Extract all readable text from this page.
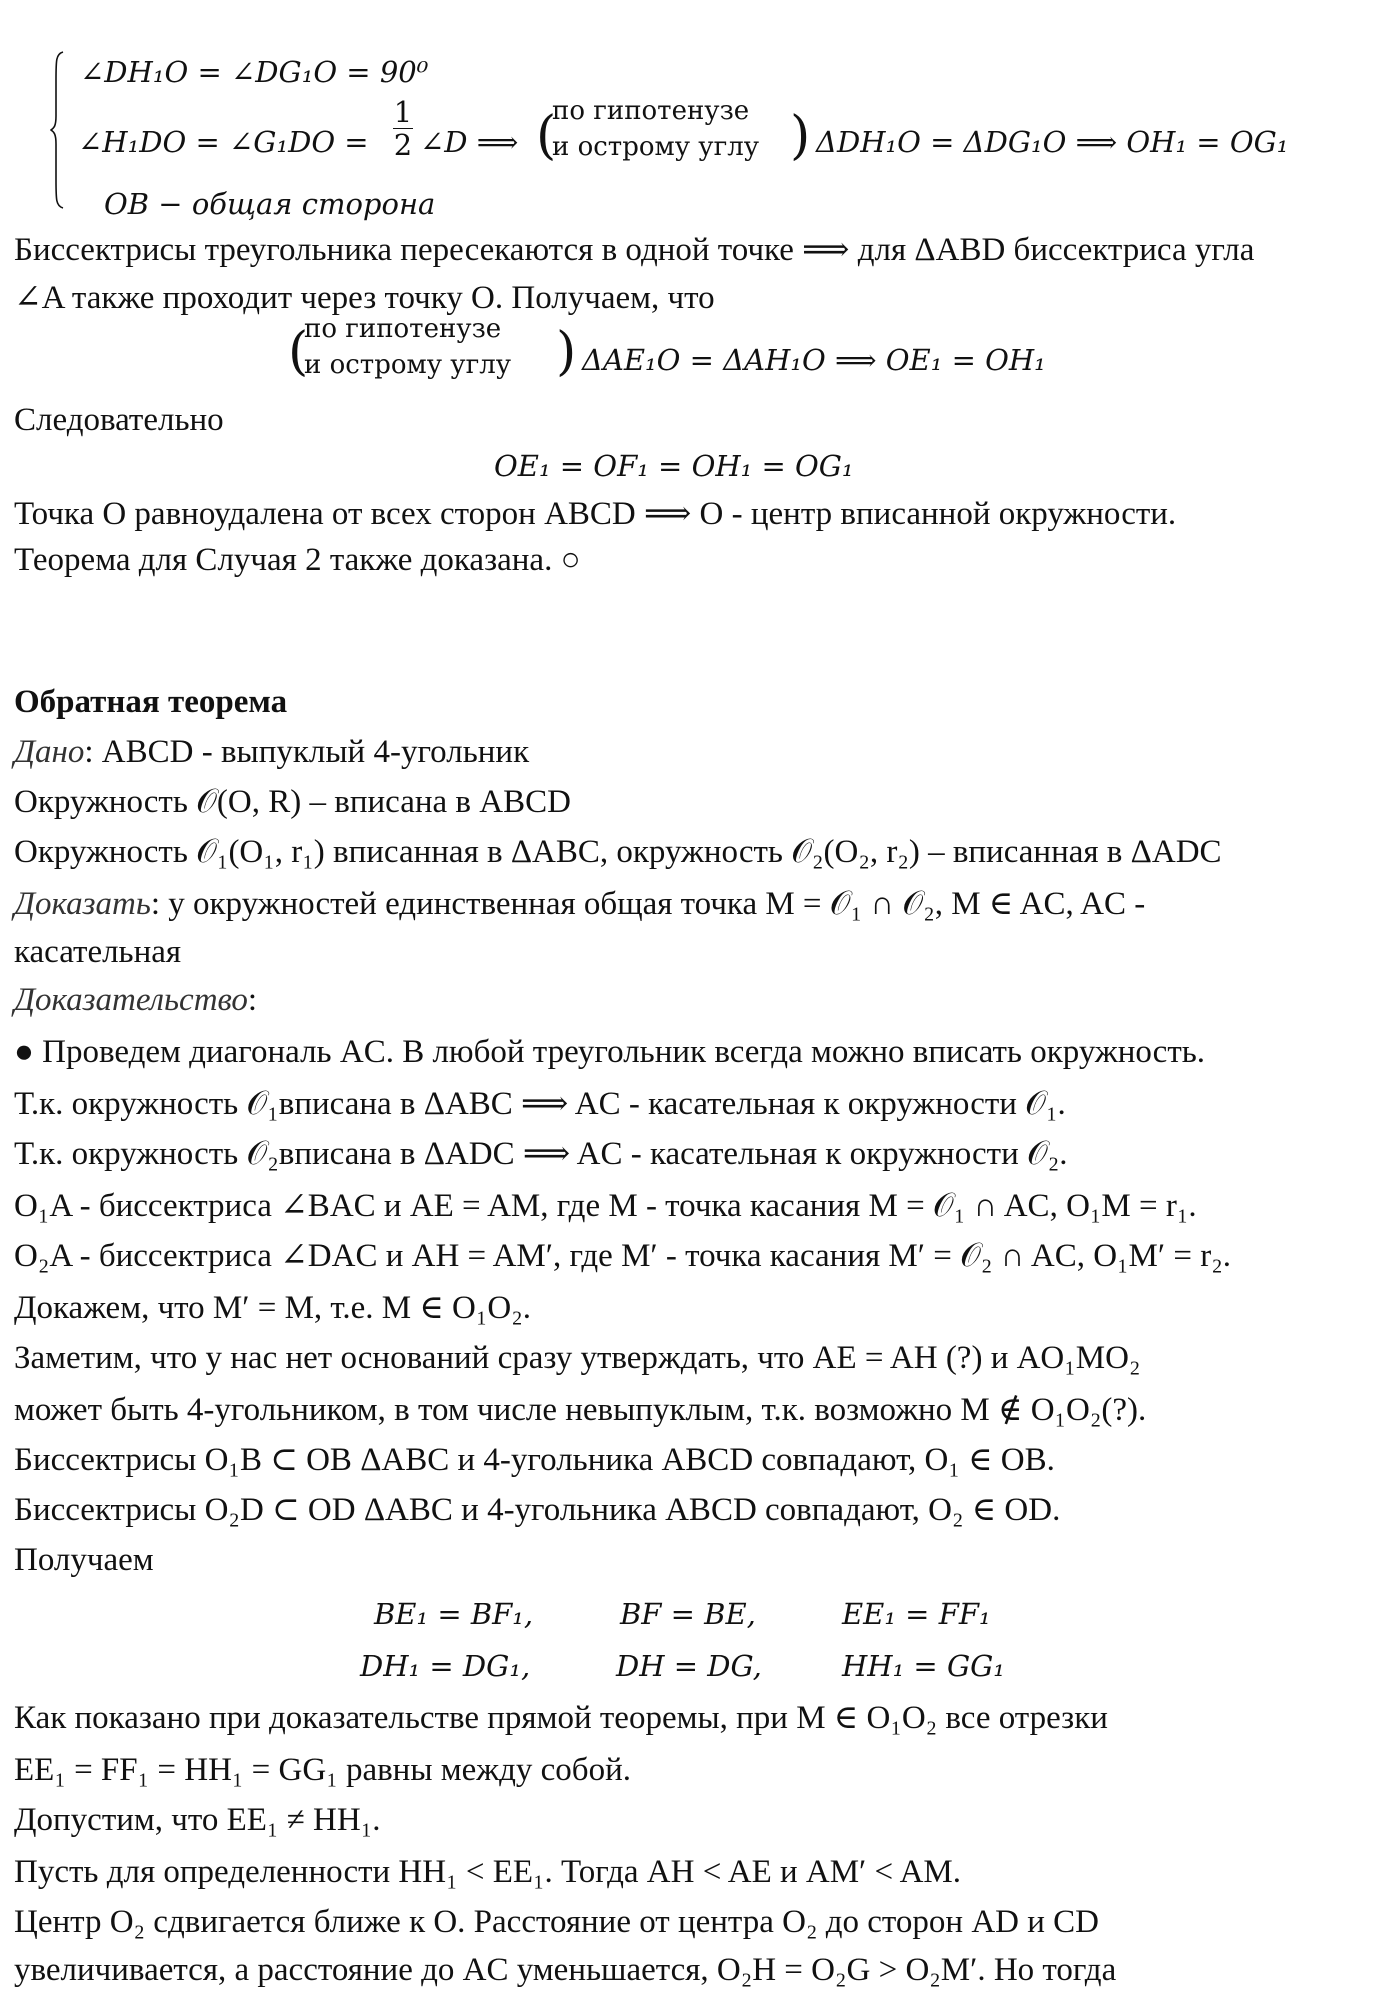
∠DH₁O = ∠DG₁O = 90⁰
∠H₁DO = ∠G₁DO =
1
2 ∠D ⟹ (
по гипотенузе
и острому углу ) ΔDH₁O = ΔDG₁O ⟹ OH₁ = OG₁
OB − общая сторона
Биссектрисы треугольника пересекаются в одной точке ⟹ для ΔABD биссектриса угла
∠A также проходит через точку O. Получаем, что
(
по гипотенузе
и острому углу ) ΔAE₁O = ΔAH₁O ⟹ OE₁ = OH₁
Следовательно
OE₁ = OF₁ = OH₁ = OG₁
Точка O равноудалена от всех сторон ABCD ⟹ O - центр вписанной окружности.
Теорема для Случая 2 также доказана. ○
Обратная теорема
Дано: ABCD - выпуклый 4-угольник
Окружность 𝒪(O, R) – вписана в ABCD
Окружность 𝒪₁(O₁, r₁) вписанная в ΔABC, окружность 𝒪₂(O₂, r₂) – вписанная в ΔADC
Доказать: у окружностей единственная общая точка M = 𝒪₁ ∩ 𝒪₂, M ∈ AC, AC -
касательная
Доказательство:
● Проведем диагональ AC. В любой треугольник всегда можно вписать окружность.
Т.к. окружность 𝒪₁вписана в ΔABC ⟹ AC - касательная к окружности 𝒪₁.
Т.к. окружность 𝒪₂вписана в ΔADC ⟹ AC - касательная к окружности 𝒪₂.
O₁A - биссектриса ∠BAC и AE = AM, где M - точка касания M = 𝒪₁ ∩ AC, O₁M = r₁.
O₂A - биссектриса ∠DAC и AH = AM′, где M′ - точка касания M′ = 𝒪₂ ∩ AC, O₁M′ = r₂.
Докажем, что M′ = M, т.е. M ∈ O₁O₂.
Заметим, что у нас нет оснований сразу утверждать, что AE = AH (?) и AO₁MO₂
может быть 4-угольником, в том числе невыпуклым, т.к. возможно M ∉ O₁O₂(?).
Биссектрисы O₁B ⊂ OB ΔABC и 4-угольника ABCD совпадают, O₁ ∈ OB.
Биссектрисы O₂D ⊂ OD ΔABC и 4-угольника ABCD совпадают, O₂ ∈ OD.
Получаем
BE₁ = BF₁,	BF = BE,	EE₁ = FF₁
DH₁ = DG₁,	DH = DG,	HH₁ = GG₁
Как показано при доказательстве прямой теоремы, при M ∈ O₁O₂ все отрезки
EE₁ = FF₁ = HH₁ = GG₁ равны между собой.
Допустим, что EE₁ ≠ HH₁.
Пусть для определенности HH₁ < EE₁. Тогда AH < AE и AM′ < AM.
Центр O₂ сдвигается ближе к O. Расстояние от центра O₂ до сторон AD и CD
увеличивается, а расстояние до AC уменьшается, O₂H = O₂G > O₂M′. Но тогда
